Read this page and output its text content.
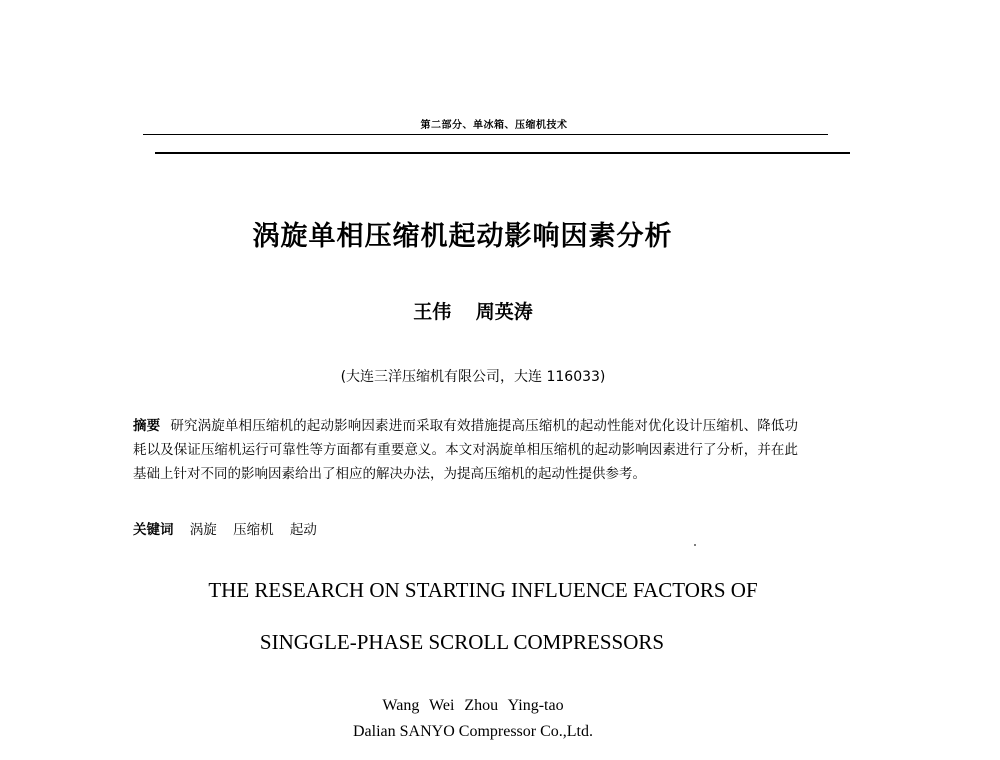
第二部分、单冰箱、压缩机技术
涡旋单相压缩机起动影响因素分析
王伟 周英涛
(大连三洋压缩机有限公司，大连 116033)
摘要 研究涡旋单相压缩机的起动影响因素进而采取有效措施提高压缩机的起动性能对优化设计压缩机、降低功耗以及保证压缩机运行可靠性等方面都有重要意义。本文对涡旋单相压缩机的起动影响因素进行了分析，并在此基础上针对不同的影响因素给出了相应的解决办法，为提高压缩机的起动性提供参考。
关键词 涡旋 压缩机 起动
THE RESEARCH ON STARTING INFLUENCE FACTORS OF
SINGGLE-PHASE SCROLL COMPRESSORS
Wang Wei Zhou Ying-tao
Dalian SANYO Compressor Co.,Ltd.
